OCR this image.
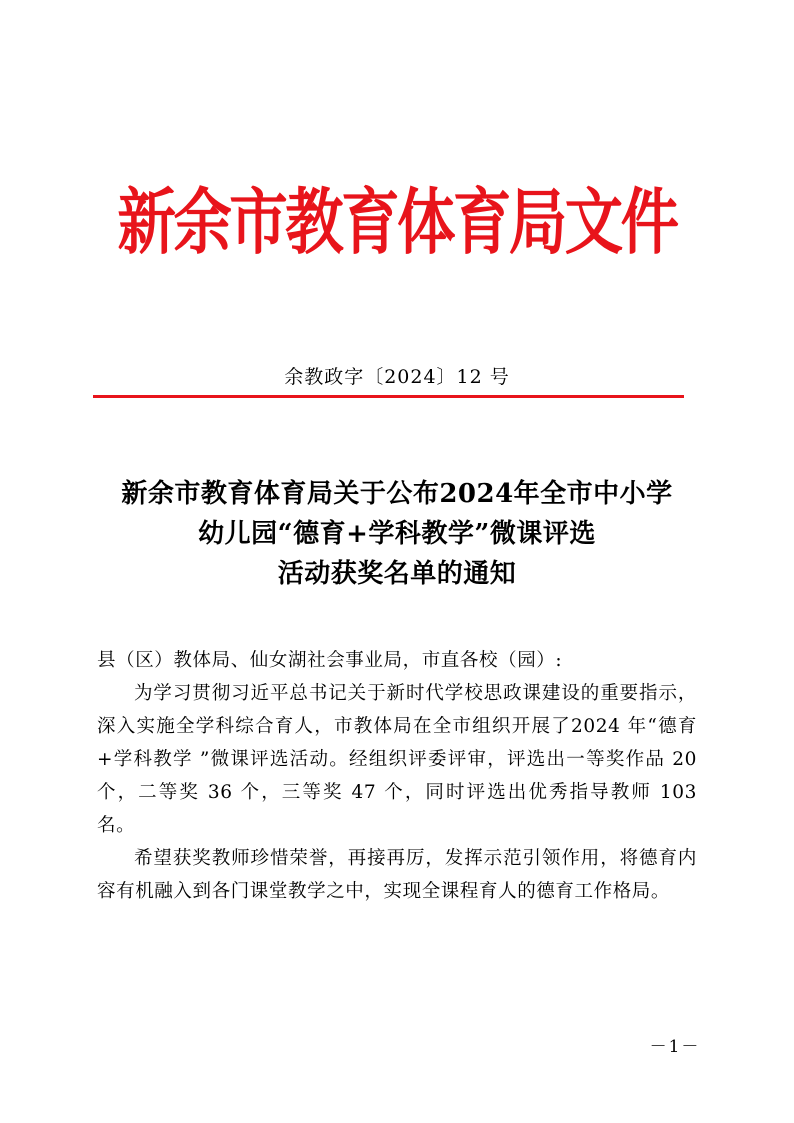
新余市教育体育局文件
余教政字〔2024〕12 号
新余市教育体育局关于公布2024年全市中小学
幼儿园“德育+学科教学”微课评选
活动获奖名单的通知

县（区）教体局、仙女湖社会事业局，市直各校（园）:

为学习贯彻习近平总书记关于新时代学校思政课建设的重要指示，深入实施全学科综合育人，市教体局在全市组织开展了2024 年“德育+学科教学 ”微课评选活动。经组织评委评审，评选出一等奖作品 20 个，二等奖 36 个，三等奖 47 个，同时评选出优秀指导教师 103 名。

希望获奖教师珍惜荣誉，再接再厉，发挥示范引领作用，将德育内容有机融入到各门课堂教学之中，实现全课程育人的德育工作格局。

－1－
